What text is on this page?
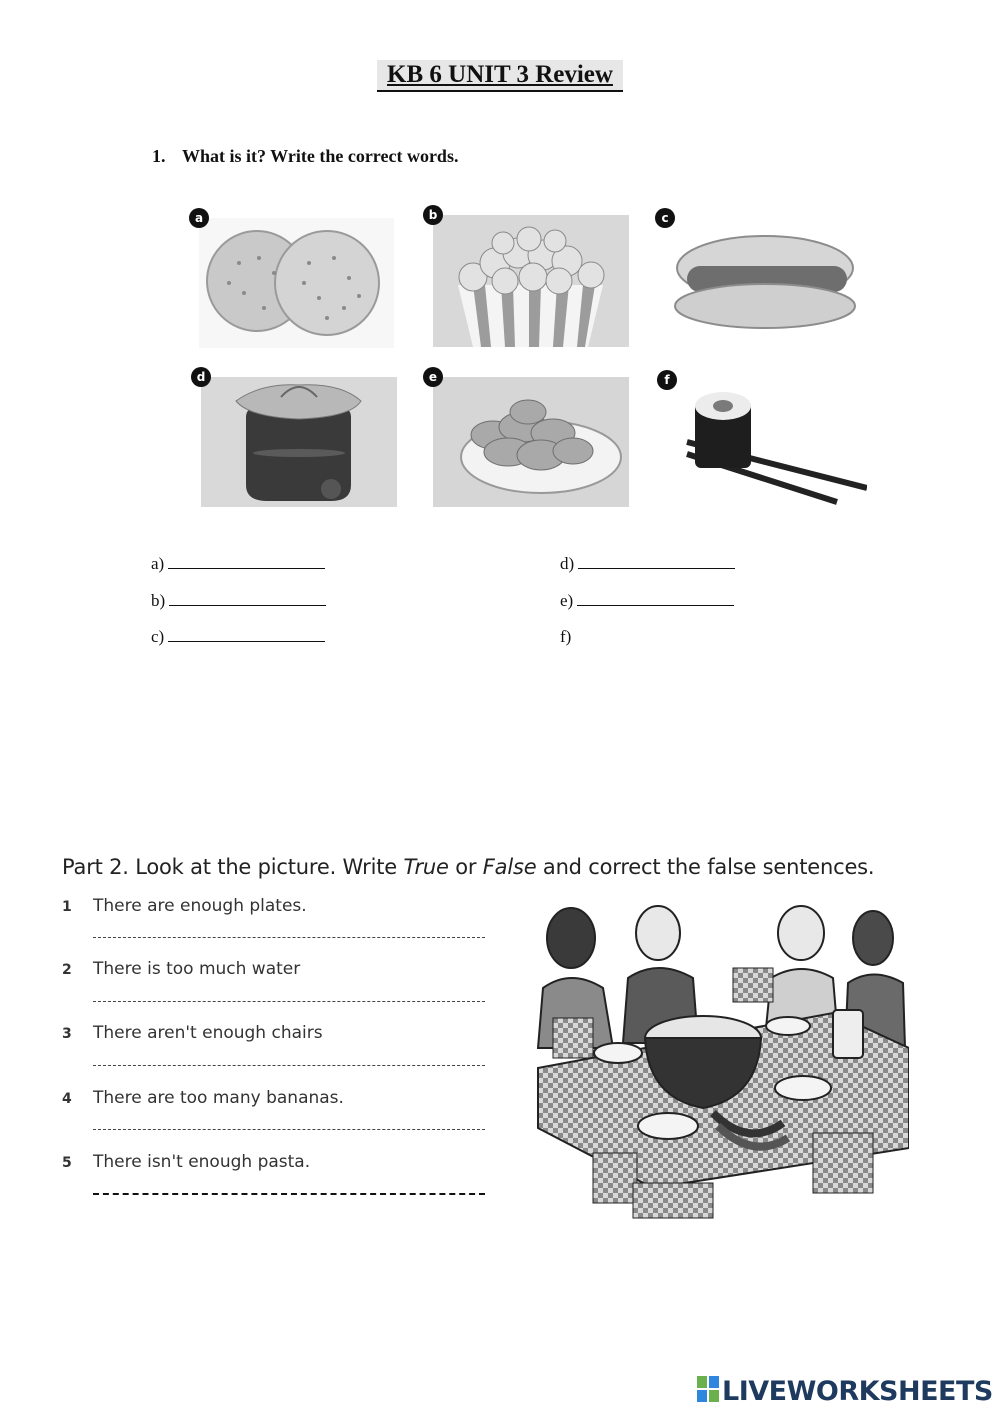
KB 6 UNIT 3 Review
1. What is it? Write the correct words.
a	b	c
d	e	f
a)
b)
c)
d)
e)
f)
Part 2. Look at the picture. Write True or False and correct the false sentences.
1 There are enough plates.
2 There is too much water
3 There aren't enough chairs
4 There are too many bananas.
5 There isn't enough pasta.
LIVEWORKSHEETS
